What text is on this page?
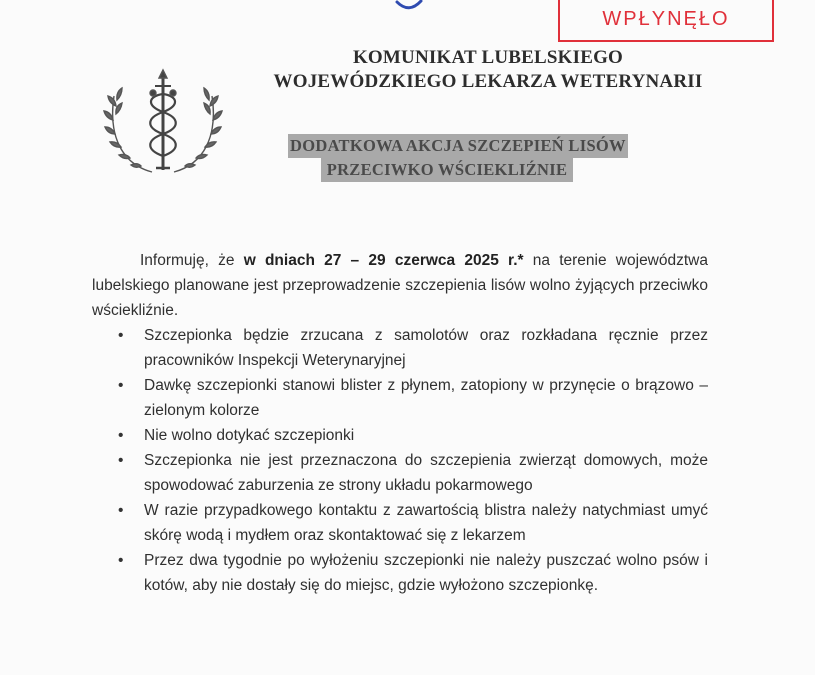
WPŁYNĘŁO
KOMUNIKAT LUBELSKIEGO
WOJEWÓDZKIEGO LEKARZA WETERYNARII
DODATKOWA AKCJA SZCZEPIEŃ LISÓW
PRZECIWKO WŚCIEKLIŹNIE

Informuję, że w dniach 27 – 29 czerwca 2025 r.* na terenie województwa lubelskiego planowane jest przeprowadzenie szczepienia lisów wolno żyjących przeciwko wściekliźnie.

• Szczepionka będzie zrzucana z samolotów oraz rozkładana ręcznie przez pracowników Inspekcji Weterynaryjnej
• Dawkę szczepionki stanowi blister z płynem, zatopiony w przynęcie o brązowo – zielonym kolorze
• Nie wolno dotykać szczepionki
• Szczepionka nie jest przeznaczona do szczepienia zwierząt domowych, może spowodować zaburzenia ze strony układu pokarmowego
• W razie przypadkowego kontaktu z zawartością blistra należy natychmiast umyć skórę wodą i mydłem oraz skontaktować się z lekarzem
• Przez dwa tygodnie po wyłożeniu szczepionki nie należy puszczać wolno psów i kotów, aby nie dostały się do miejsc, gdzie wyłożono szczepionkę.
